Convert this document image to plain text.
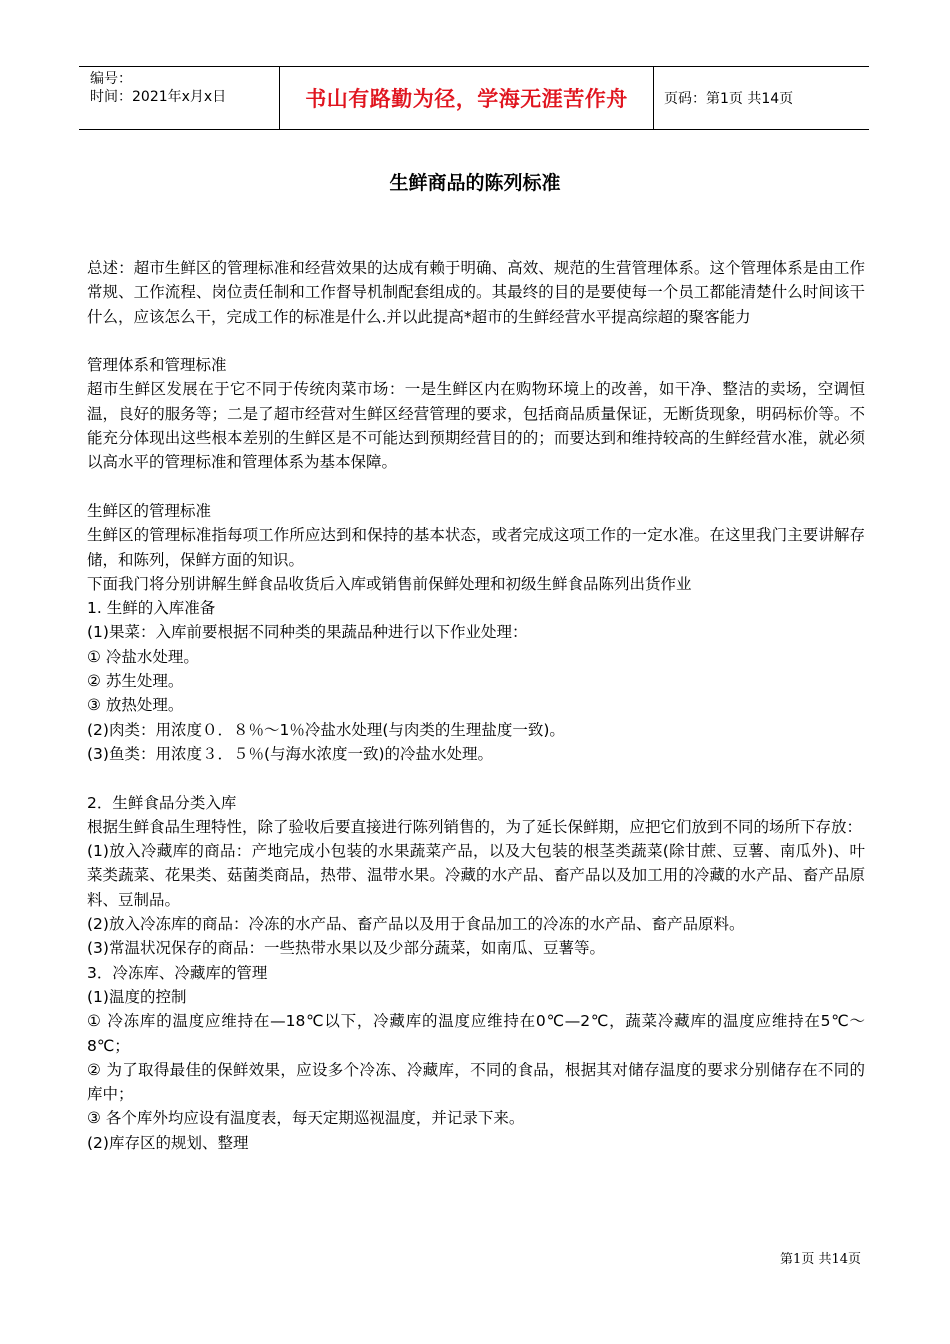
编号：
时间：2021年x月x日	书山有路勤为径，学海无涯苦作舟	页码：第1页 共14页
生鲜商品的陈列标准

总述：超市生鲜区的管理标准和经营效果的达成有赖于明确、高效、规范的生营管理体系。这个管理体系是由工作常规、工作流程、岗位责任制和工作督导机制配套组成的。其最终的目的是要使每一个员工都能清楚什么时间该干什么，应该怎么干，完成工作的标准是什么.并以此提高*超市的生鲜经营水平提高综超的聚客能力

管理体系和管理标准

超市生鲜区发展在于它不同于传统肉菜市场：一是生鲜区内在购物环境上的改善，如干净、整洁的卖场，空调恒温，良好的服务等；二是了超市经营对生鲜区经营管理的要求，包括商品质量保证，无断货现象，明码标价等。不能充分体现出这些根本差别的生鲜区是不可能达到预期经营目的的；而要达到和维持较高的生鲜经营水准，就必须以高水平的管理标准和管理体系为基本保障。

生鲜区的管理标准

生鲜区的管理标准指每项工作所应达到和保持的基本状态，或者完成这项工作的一定水准。在这里我门主要讲解存储，和陈列，保鲜方面的知识。

下面我门将分别讲解生鲜食品收货后入库或销售前保鲜处理和初级生鲜食品陈列出货作业

1. 生鲜的入库准备

(1)果菜：入库前要根据不同种类的果蔬品种进行以下作业处理：

① 冷盐水处理。

② 苏生处理。

③ 放热处理。

(2)肉类：用浓度０．８％～1％冷盐水处理(与肉类的生理盐度一致)。

(3)鱼类：用浓度３．５％(与海水浓度一致)的冷盐水处理。

2．生鲜食品分类入库

根据生鲜食品生理特性，除了验收后要直接进行陈列销售的，为了延长保鲜期，应把它们放到不同的场所下存放：

(1)放入冷藏库的商品：产地完成小包装的水果蔬菜产品，以及大包装的根茎类蔬菜(除甘蔗、豆薯、南瓜外)、叶菜类蔬菜、花果类、菇菌类商品，热带、温带水果。冷藏的水产品、畜产品以及加工用的冷藏的水产品、畜产品原料、豆制品。

(2)放入冷冻库的商品：冷冻的水产品、畜产品以及用于食品加工的冷冻的水产品、畜产品原料。

(3)常温状况保存的商品：一些热带水果以及少部分蔬菜，如南瓜、豆薯等。

3．冷冻库、冷藏库的管理

(1)温度的控制

① 冷冻库的温度应维持在—18℃以下，冷藏库的温度应维持在0℃—2℃，蔬菜冷藏库的温度应维持在5℃～8℃；

② 为了取得最佳的保鲜效果，应设多个冷冻、冷藏库，不同的食品，根据其对储存温度的要求分别储存在不同的库中；

③ 各个库外均应设有温度表，每天定期巡视温度，并记录下来。

(2)库存区的规划、整理

第1页 共14页
